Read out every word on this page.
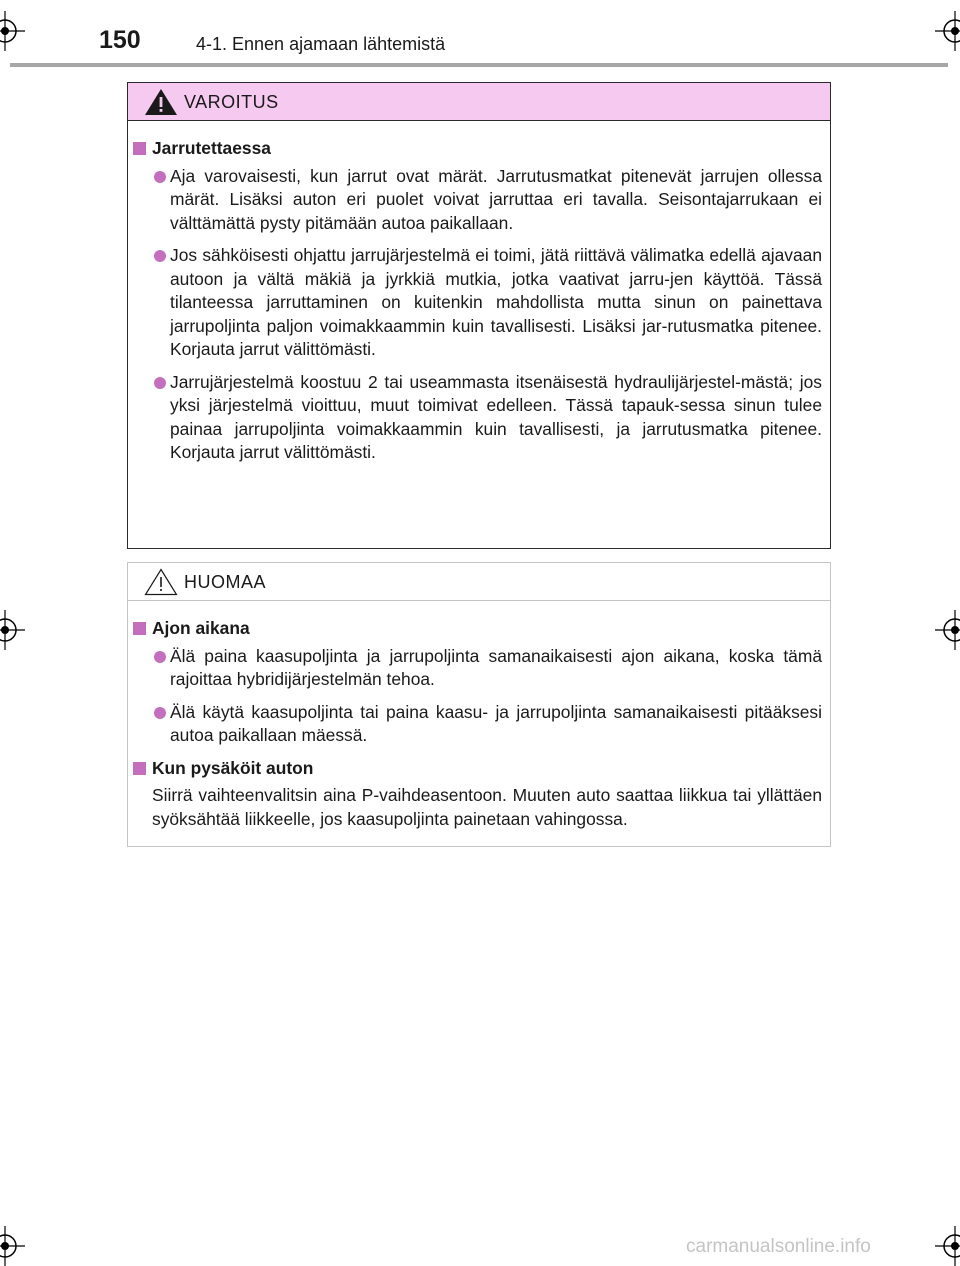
150	4-1. Ennen ajamaan lähtemistä
VAROITUS
Jarrutettaessa
Aja varovaisesti, kun jarrut ovat märät. Jarrutusmatkat pitenevät jarrujen ollessa märät. Lisäksi auton eri puolet voivat jarruttaa eri tavalla. Seisontajarrukaan ei välttämättä pysty pitämään autoa paikallaan.
Jos sähköisesti ohjattu jarrujärjestelmä ei toimi, jätä riittävä välimatka edellä ajavaan autoon ja vältä mäkiä ja jyrkkiä mutkia, jotka vaativat jarru-jen käyttöä. Tässä tilanteessa jarruttaminen on kuitenkin mahdollista mutta sinun on painettava jarrupoljinta paljon voimakkaammin kuin tavallisesti. Lisäksi jar-rutusmatka pitenee. Korjauta jarrut välittömästi.
Jarrujärjestelmä koostuu 2 tai useammasta itsenäisestä hydraulijärjestel-mästä; jos yksi järjestelmä vioittuu, muut toimivat edelleen. Tässä tapauk-sessa sinun tulee painaa jarrupoljinta voimakkaammin kuin tavallisesti, ja jarrutusmatka pitenee. Korjauta jarrut välittömästi.
HUOMAA
Ajon aikana
Älä paina kaasupoljinta ja jarrupoljinta samanaikaisesti ajon aikana, koska tämä rajoittaa hybridijärjestelmän tehoa.
Älä käytä kaasupoljinta tai paina kaasu- ja jarrupoljinta samanaikaisesti pitääksesi autoa paikallaan mäessä.
Kun pysäköit auton
Siirrä vaihteenvalitsin aina P-vaihdeasentoon. Muuten auto saattaa liikkua tai yllättäen syöksähtää liikkeelle, jos kaasupoljinta painetaan vahingossa.
carmanualsonline.info
